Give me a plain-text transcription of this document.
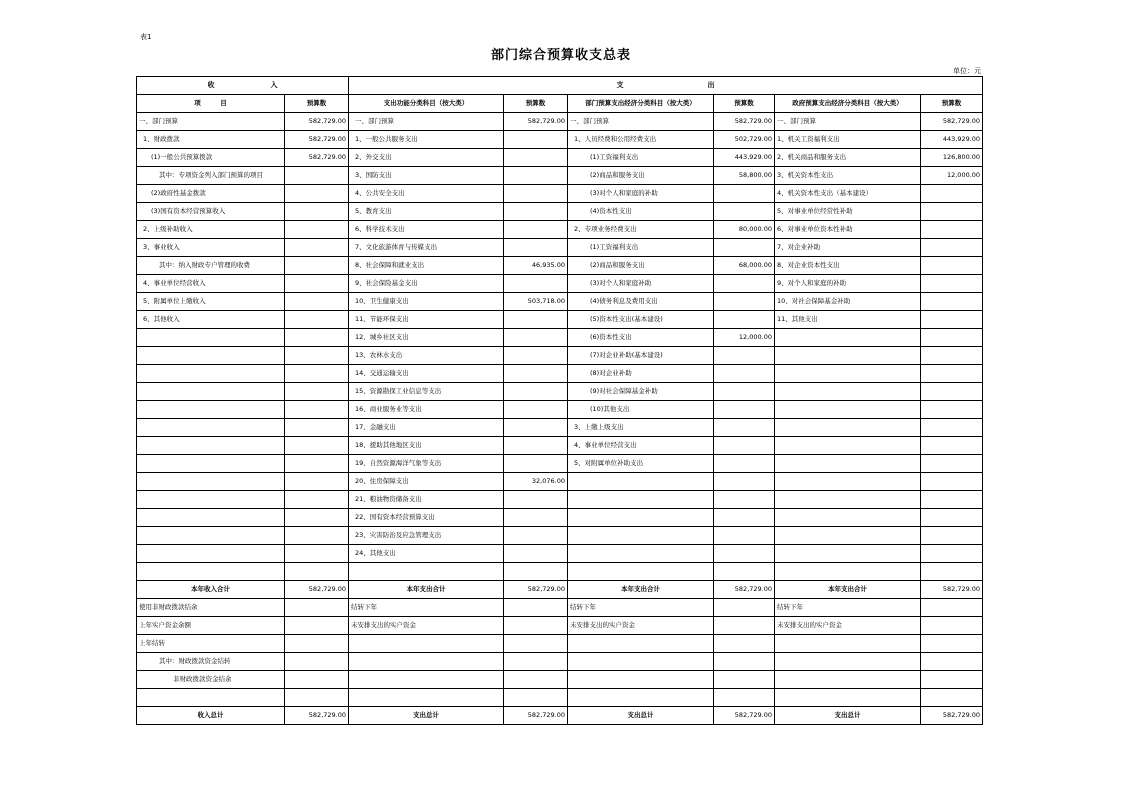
表1
部门综合预算收支总表
单位：元
收　　　　　　　　入		支　　　　　　　　　　　　出					
项　　　目	预算数	支出功能分类科目（按大类）	预算数	部门预算支出经济分类科目（按大类）	预算数	政府预算支出经济分类科目（按大类）	预算数
一、部门预算	582,729.00	一、部门预算	582,729.00	一、部门预算	582,729.00	一、部门预算	582,729.00
1、财政拨款	582,729.00	1、一般公共服务支出		1、人员经费和公用经费支出	502,729.00	1、机关工资福利支出	443,929.00
(1)一般公共预算拨款	582,729.00	2、外交支出		(1)工资福利支出	443,929.00	2、机关商品和服务支出	126,800.00
其中：专项资金列入部门预算的项目		3、国防支出		(2)商品和服务支出	58,800.00	3、机关资本性支出	12,000.00
(2)政府性基金拨款		4、公共安全支出		(3)对个人和家庭的补助		4、机关资本性支出（基本建设）	
(3)国有资本经营预算收入		5、教育支出		(4)资本性支出		5、对事业单位经常性补助	
2、上级补助收入		6、科学技术支出		2、专项业务经费支出	80,000.00	6、对事业单位资本性补助	
3、事业收入		7、文化旅游体育与传媒支出		(1)工资福利支出		7、对企业补助	
其中：纳入财政专户管理的收费		8、社会保障和就业支出	46,935.00	(2)商品和服务支出	68,000.00	8、对企业资本性支出	
4、事业单位经营收入		9、社会保险基金支出		(3)对个人和家庭补助		9、对个人和家庭的补助	
5、附属单位上缴收入		10、卫生健康支出	503,718.00	(4)债务利息及费用支出		10、对社会保障基金补助	
6、其他收入		11、节能环保支出		(5)资本性支出(基本建设)		11、其他支出	
		12、城乡社区支出		(6)资本性支出	12,000.00		
		13、农林水支出		(7)对企业补助(基本建设)			
		14、交通运输支出		(8)对企业补助			
		15、资源勘探工业信息等支出		(9)对社会保障基金补助			
		16、商业服务业等支出		(10)其他支出			
		17、金融支出		3、上缴上级支出			
		18、援助其他地区支出		4、事业单位经营支出			
		19、自然资源海洋气象等支出		5、对附属单位补助支出			
		20、住房保障支出	32,076.00				
		21、粮油物资储备支出					
		22、国有资本经营预算支出					
		23、灾害防治及应急管理支出					
		24、其他支出					

本年收入合计	582,729.00	本年支出合计	582,729.00	本年支出合计	582,729.00	本年支出合计	582,729.00
使用非财政拨款结余		结转下年		结转下年		结转下年	
上年实户资金余额		未安排支出的实户资金		未安排支出的实户资金		未安排支出的实户资金	
上年结转							
其中：财政拨款资金结转							
非财政拨款资金结余							

收入总计	582,729.00	支出总计	582,729.00	支出总计	582,729.00	支出总计	582,729.00
